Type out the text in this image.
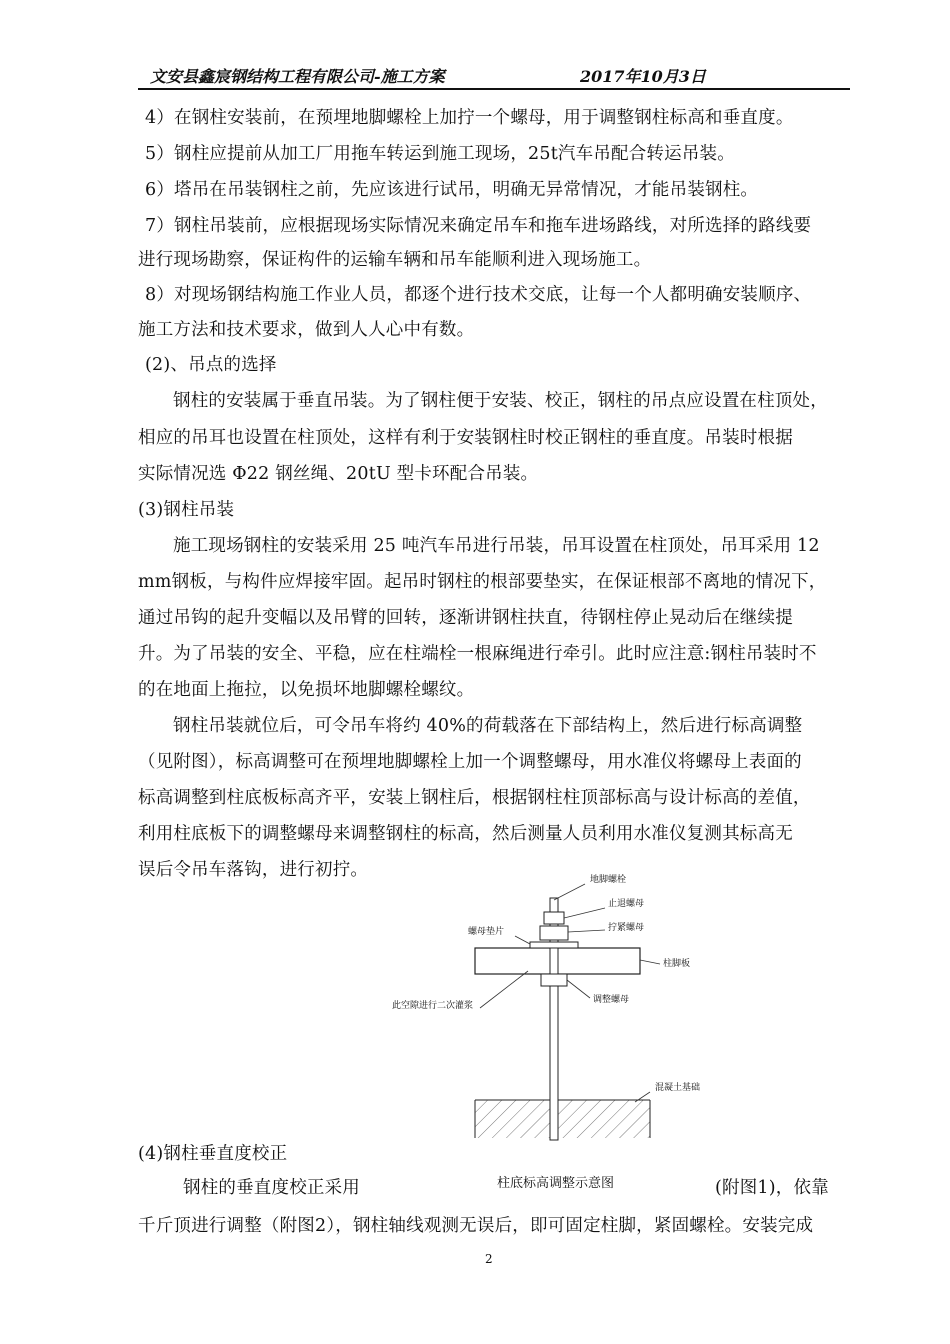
文安县鑫宸钢结构工程有限公司-施工方案	2017年10月3日
4）在钢柱安装前，在预埋地脚螺栓上加拧一个螺母，用于调整钢柱标高和垂直度。
5）钢柱应提前从加工厂用拖车转运到施工现场，25t汽车吊配合转运吊装。
6）塔吊在吊装钢柱之前，先应该进行试吊，明确无异常情况，才能吊装钢柱。
7）钢柱吊装前，应根据现场实际情况来确定吊车和拖车进场路线，对所选择的路线要
进行现场勘察，保证构件的运输车辆和吊车能顺利进入现场施工。
8）对现场钢结构施工作业人员，都逐个进行技术交底，让每一个人都明确安装顺序、
施工方法和技术要求，做到人人心中有数。
(2)、吊点的选择
钢柱的安装属于垂直吊装。为了钢柱便于安装、校正，钢柱的吊点应设置在柱顶处，
相应的吊耳也设置在柱顶处，这样有利于安装钢柱时校正钢柱的垂直度。吊装时根据
实际情况选 Φ22 钢丝绳、20tU 型卡环配合吊装。
(3)钢柱吊装
施工现场钢柱的安装采用 25 吨汽车吊进行吊装，吊耳设置在柱顶处，吊耳采用 12
mm钢板，与构件应焊接牢固。起吊时钢柱的根部要垫实，在保证根部不离地的情况下，
通过吊钩的起升变幅以及吊臂的回转，逐渐讲钢柱扶直，待钢柱停止晃动后在继续提
升。为了吊装的安全、平稳，应在柱端栓一根麻绳进行牵引。此时应注意:钢柱吊装时不
的在地面上拖拉，以免损坏地脚螺栓螺纹。
钢柱吊装就位后，可令吊车将约 40%的荷载落在下部结构上，然后进行标高调整
（见附图），标高调整可在预埋地脚螺栓上加一个调整螺母，用水准仪将螺母上表面的
标高调整到柱底板标高齐平，安装上钢柱后，根据钢柱柱顶部标高与设计标高的差值，
利用柱底板下的调整螺母来调整钢柱的标高，然后测量人员利用水准仪复测其标高无
误后令吊车落钩，进行初拧。	地脚螺栓
止退螺母
螺母垫片	拧紧螺母
柱脚板
此空隙进行二次灌浆
调整螺母
混凝土基础
(4)钢柱垂直度校正
钢柱的垂直度校正采用	(附图1)，依靠
柱底标高调整示意图
千斤顶进行调整（附图2），钢柱轴线观测无误后，即可固定柱脚，紧固螺栓。安装完成
2
